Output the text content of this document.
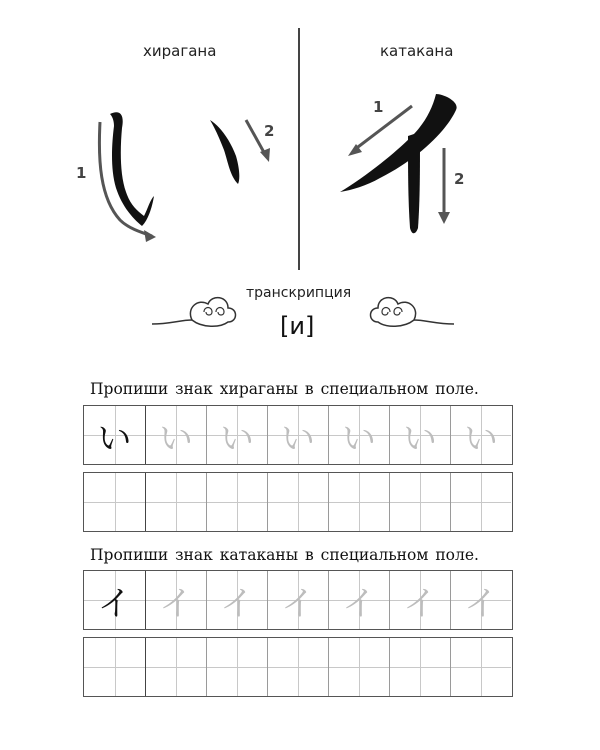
хирагана	катакана
1
2
1
2
транскрипция
[и]
Пропиши знак хираганы в специальном поле.
い い い い い い い
Пропиши знак катаканы в специальном поле.
イ イ イ イ イ イ イ
